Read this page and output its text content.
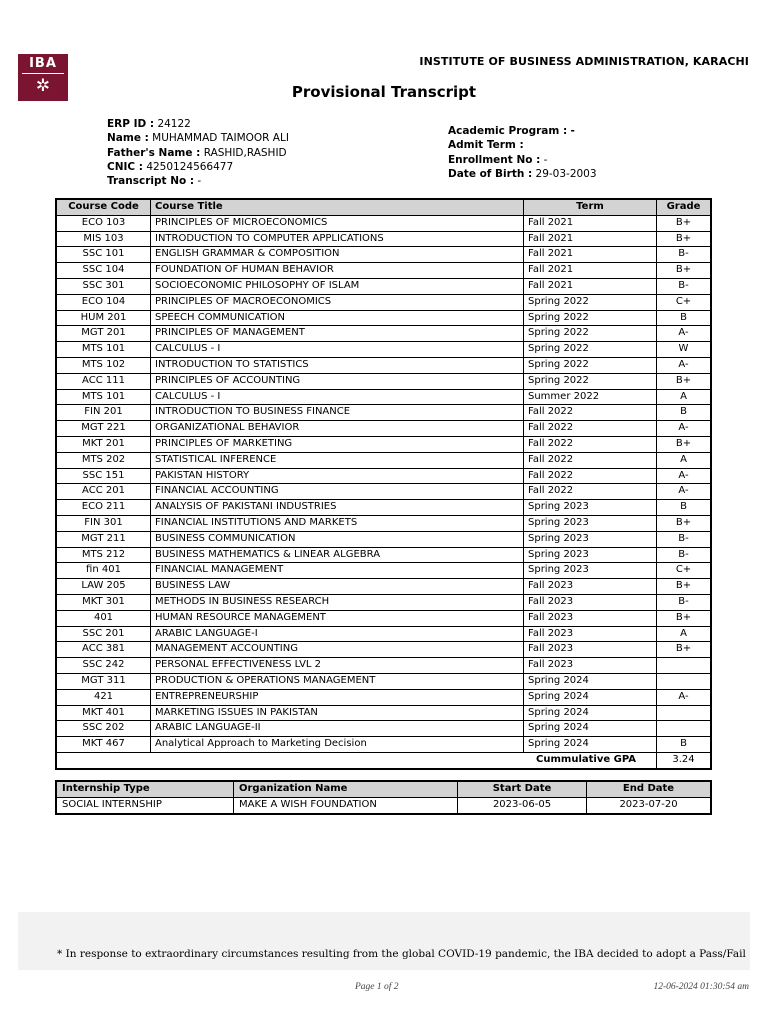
IBA
✲
INSTITUTE OF BUSINESS ADMINISTRATION, KARACHI
Provisional Transcript
ERP ID : 24122
Name : MUHAMMAD TAIMOOR ALI
Father's Name : RASHID,RASHID
CNIC : 4250124566477
Transcript No : -
Academic Program : -
Admit Term :
Enrollment No : -
Date of Birth : 29-03-2003
Course Code	Course Title	Term	Grade
ECO 103	PRINCIPLES OF MICROECONOMICS	Fall 2021	B+
MIS 103	INTRODUCTION TO COMPUTER APPLICATIONS	Fall 2021	B+
SSC 101	ENGLISH GRAMMAR & COMPOSITION	Fall 2021	B-
SSC 104	FOUNDATION OF HUMAN BEHAVIOR	Fall 2021	B+
SSC 301	SOCIOECONOMIC PHILOSOPHY OF ISLAM	Fall 2021	B-
ECO 104	PRINCIPLES OF MACROECONOMICS	Spring 2022	C+
HUM 201	SPEECH COMMUNICATION	Spring 2022	B
MGT 201	PRINCIPLES OF MANAGEMENT	Spring 2022	A-
MTS 101	CALCULUS - I	Spring 2022	W
MTS 102	INTRODUCTION TO STATISTICS	Spring 2022	A-
ACC 111	PRINCIPLES OF ACCOUNTING	Spring 2022	B+
MTS 101	CALCULUS - I	Summer 2022	A
FIN 201	INTRODUCTION TO BUSINESS FINANCE	Fall 2022	B
MGT 221	ORGANIZATIONAL BEHAVIOR	Fall 2022	A-
MKT 201	PRINCIPLES OF MARKETING	Fall 2022	B+
MTS 202	STATISTICAL INFERENCE	Fall 2022	A
SSC 151	PAKISTAN HISTORY	Fall 2022	A-
ACC 201	FINANCIAL ACCOUNTING	Fall 2022	A-
ECO 211	ANALYSIS OF PAKISTANI INDUSTRIES	Spring 2023	B
FIN 301	FINANCIAL INSTITUTIONS AND MARKETS	Spring 2023	B+
MGT 211	BUSINESS COMMUNICATION	Spring 2023	B-
MTS 212	BUSINESS MATHEMATICS & LINEAR ALGEBRA	Spring 2023	B-
fin 401	FINANCIAL MANAGEMENT	Spring 2023	C+
LAW 205	BUSINESS LAW	Fall 2023	B+
MKT 301	METHODS IN BUSINESS RESEARCH	Fall 2023	B-
401	HUMAN RESOURCE MANAGEMENT	Fall 2023	B+
SSC 201	ARABIC LANGUAGE-I	Fall 2023	A
ACC 381	MANAGEMENT ACCOUNTING	Fall 2023	B+
SSC 242	PERSONAL EFFECTIVENESS LVL 2	Fall 2023	
MGT 311	PRODUCTION & OPERATIONS MANAGEMENT	Spring 2024	
421	ENTREPRENEURSHIP	Spring 2024	A-
MKT 401	MARKETING ISSUES IN PAKISTAN	Spring 2024	
SSC 202	ARABIC LANGUAGE-II	Spring 2024	
MKT 467	Analytical Approach to Marketing Decision	Spring 2024	B
Cummulative GPA			3.24
Internship Type	Organization Name	Start Date	End Date
SOCIAL INTERNSHIP	MAKE A WISH FOUNDATION	2023-06-05	2023-07-20
* In response to extraordinary circumstances resulting from the global COVID-19 pandemic, the IBA decided to adopt a Pass/Fail
Page 1 of 2	12-06-2024 01:30:54 am
